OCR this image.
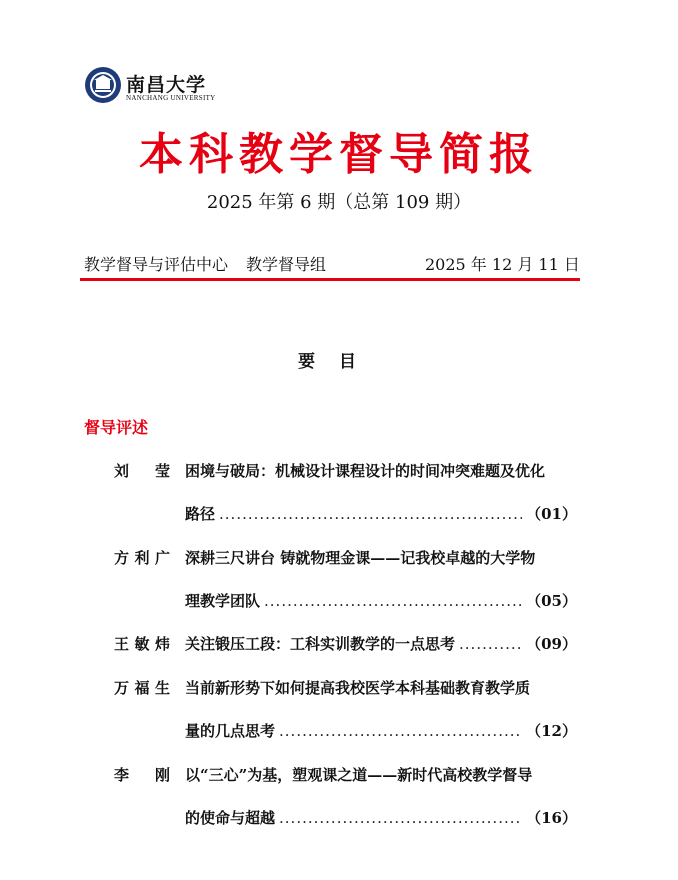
南昌大学
NANCHANG UNIVERSITY
本科教学督导简报
2025 年第 6 期（总第 109 期）
教学督导与评估中心 教学督导组	2025 年 12 月 11 日
要目
督导评述
刘莹 困境与破局：机械设计课程设计的时间冲突难题及优化
路径 .....	（01）
方利广 深耕三尺讲台 铸就物理金课——记我校卓越的大学物
理教学团队 .....	（05）
王敏炜 关注锻压工段：工科实训教学的一点思考 .....	（09）
万福生 当前新形势下如何提高我校医学本科基础教育教学质
量的几点思考 .....	（12）
李刚 以“三心”为基，塑观课之道——新时代高校教学督导
的使命与超越 .....	（16）
